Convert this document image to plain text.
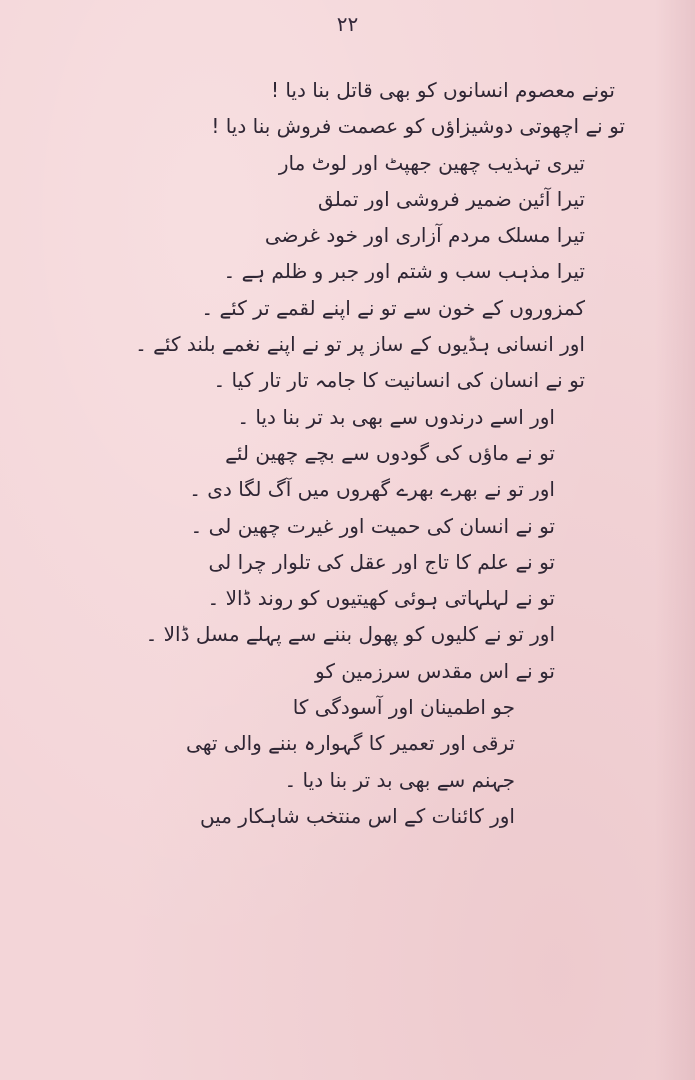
۲۲
تونے معصوم انسانوں کو بھی قاتل بنا دیا !
تو نے اچھوتی دوشیزاؤں کو عصمت فروش بنا دیا !
تیری تہذیب چھین جھپٹ اور لوٹ مار
تیرا آئین ضمیر فروشی اور تملق
تیرا مسلک مردم آزاری اور خود غرضی
تیرا مذہب سب و شتم اور جبر و ظلم ہے ۔
کمزوروں کے خون سے تو نے اپنے لقمے تر کئے ۔
اور انسانی ہڈیوں کے ساز پر تو نے اپنے نغمے بلند کئے ۔
تو نے انسان کی انسانیت کا جامہ تار تار کیا ۔
اور اسے درندوں سے بھی بد تر بنا دیا ۔
تو نے ماؤں کی گودوں سے بچے چھین لئے
اور تو نے بھرے بھرے گھروں میں آگ لگا دی ۔
تو نے انسان کی حمیت اور غیرت چھین لی ۔
تو نے علم کا تاج اور عقل کی تلوار چرا لی
تو نے لہلہاتی ہوئی کھیتیوں کو روند ڈالا ۔
اور تو نے کلیوں کو پھول بننے سے پہلے مسل ڈالا ۔
تو نے اس مقدس سرزمین کو
جو اطمینان اور آسودگی کا
ترقی اور تعمیر کا گہوارہ بننے والی تھی
جہنم سے بھی بد تر بنا دیا ۔
اور کائنات کے اس منتخب شاہکار میں
